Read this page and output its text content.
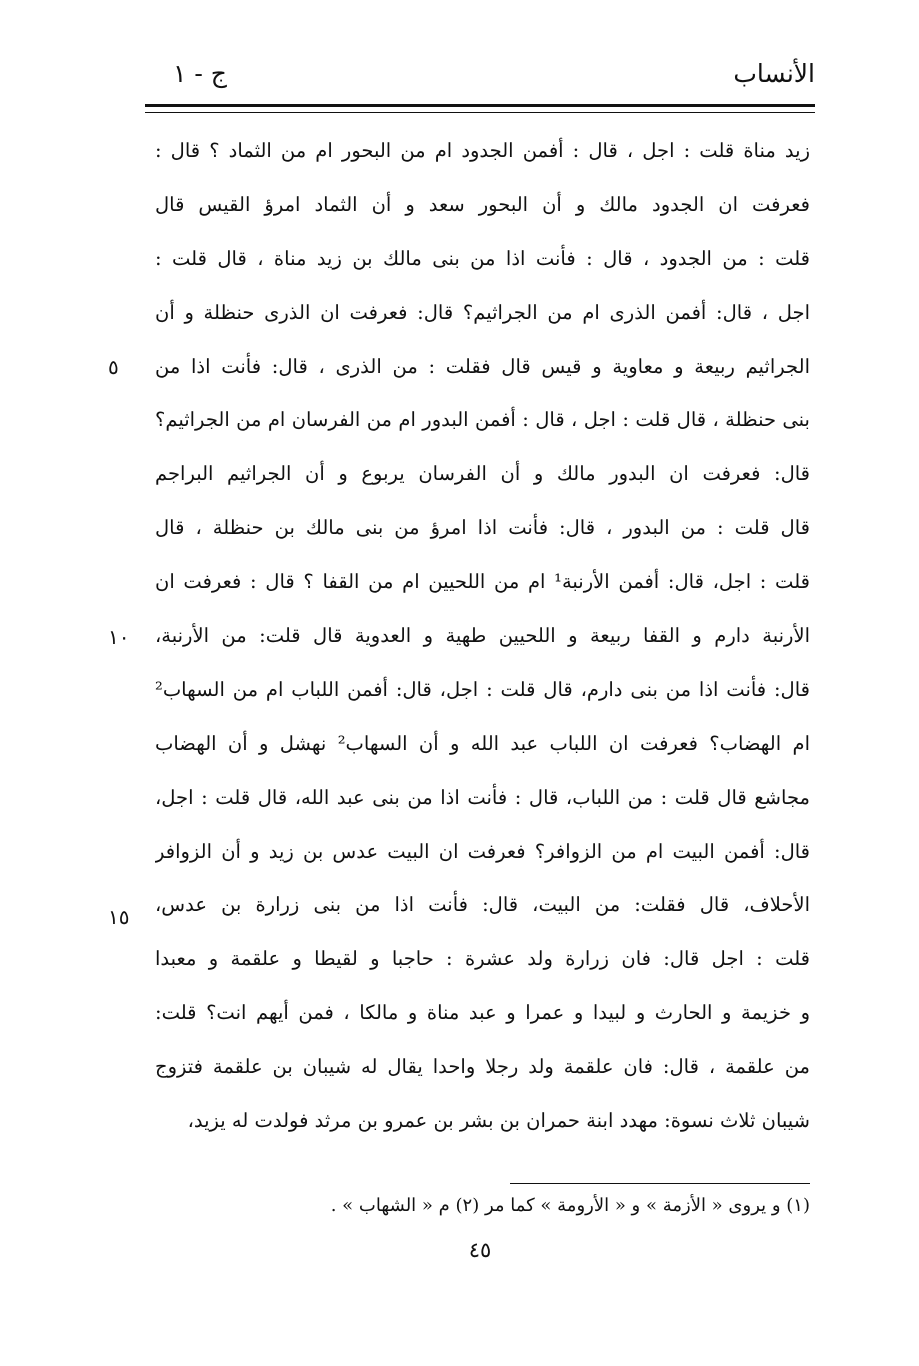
الأنساب
ج - ١
زيد مناة قلت : اجل ، قال : أفمن الجدود ام من البحور ام من الثماد ؟ قال :
فعرفت ان الجدود مالك و أن البحور سعد و أن الثماد امرؤ القيس قال
قلت : من الجدود ، قال : فأنت اذا من بنى مالك بن زيد مناة ، قال قلت :
اجل ، قال: أفمن الذرى ام من الجراثيم؟ قال: فعرفت ان الذرى حنظلة و أن
الجراثيم ربيعة و معاوية و قيس قال فقلت : من الذرى ، قال: فأنت اذا من
بنى حنظلة ، قال قلت : اجل ، قال : أفمن البدور ام من الفرسان ام من الجراثيم؟
قال: فعرفت ان البدور مالك و أن الفرسان يربوع و أن الجراثيم البراجم
قال قلت : من البدور ، قال: فأنت اذا امرؤ من بنى مالك بن حنظلة ، قال
قلت : اجل، قال: أفمن الأرنبة¹ ام من اللحيين ام من القفا ؟ قال : فعرفت ان
الأرنبة دارم و القفا ربيعة و اللحيين طهية و العدوية قال قلت: من الأرنبة،
قال: فأنت اذا من بنى دارم، قال قلت : اجل، قال: أفمن اللباب ام من السهاب²
ام الهضاب؟ فعرفت ان اللباب عبد الله و أن السهاب² نهشل و أن الهضاب
مجاشع قال قلت : من اللباب، قال : فأنت اذا من بنى عبد الله، قال قلت : اجل،
قال: أفمن البيت ام من الزوافر؟ فعرفت ان البيت عدس بن زيد و أن الزوافر
الأحلاف، قال فقلت: من البيت، قال: فأنت اذا من بنى زرارة بن عدس،
قلت : اجل قال: فان زرارة ولد عشرة : حاجبا و لقيطا و علقمة و معبدا
و خزيمة و الحارث و لبيدا و عمرا و عبد مناة و مالكا ، فمن أيهم انت؟ قلت:
من علقمة ، قال: فان علقمة ولد رجلا واحدا يقال له شيبان بن علقمة فتزوج
شيبان ثلاث نسوة: مهدد ابنة حمران بن بشر بن عمرو بن مرثد فولدت له يزيد،
٥
١٠
١٥
(١) و يروى « الأزمة » و « الأرومة » كما مر (٢) م « الشهاب » .
٤٥
